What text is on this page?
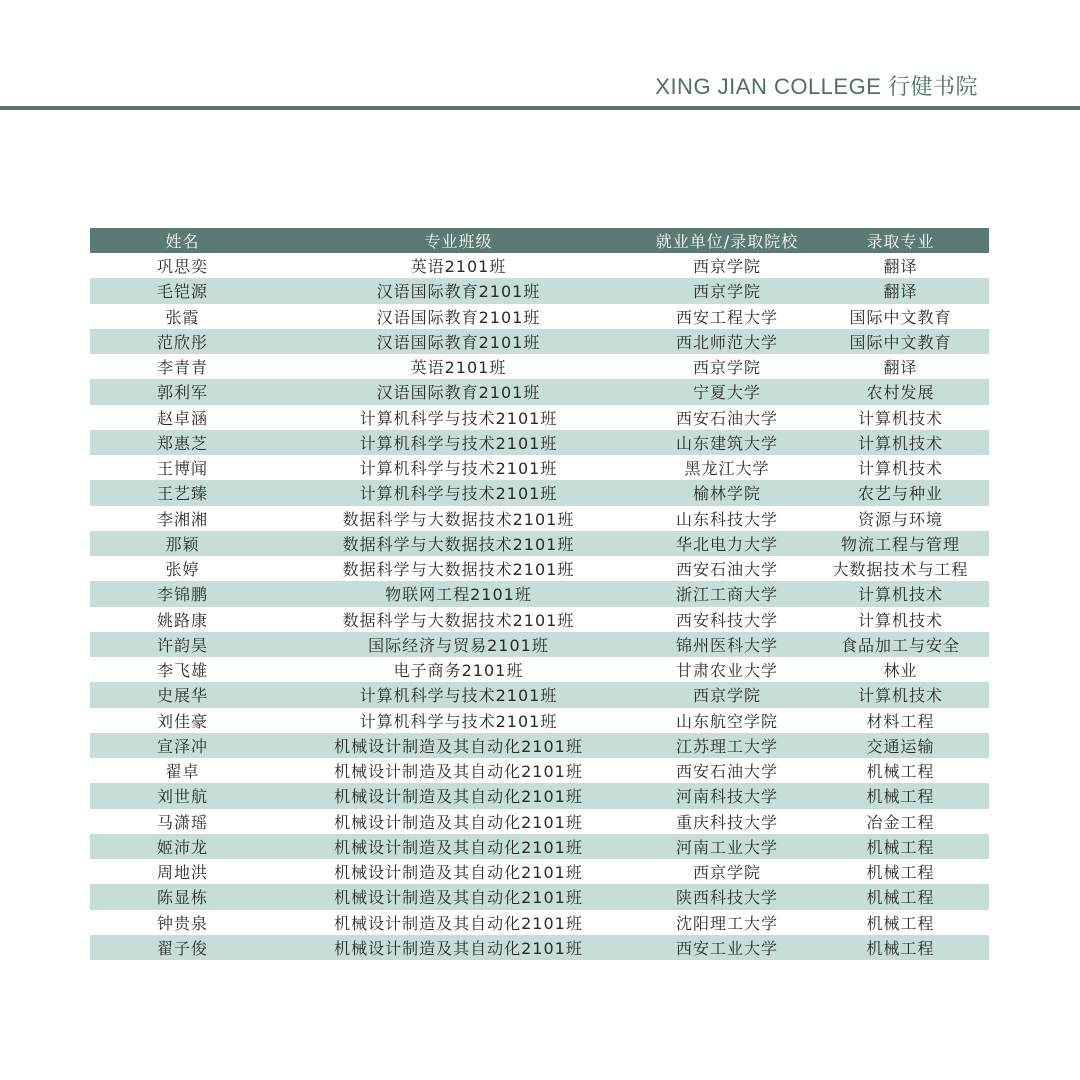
XING JIAN COLLEGE 行健书院
姓名	专业班级	就业单位/录取院校	录取专业
巩思奕	英语2101班	西京学院	翻译
毛铠源	汉语国际教育2101班	西京学院	翻译
张霞	汉语国际教育2101班	西安工程大学	国际中文教育
范欣彤	汉语国际教育2101班	西北师范大学	国际中文教育
李青青	英语2101班	西京学院	翻译
郭利军	汉语国际教育2101班	宁夏大学	农村发展
赵卓涵	计算机科学与技术2101班	西安石油大学	计算机技术
郑惠芝	计算机科学与技术2101班	山东建筑大学	计算机技术
王博闻	计算机科学与技术2101班	黑龙江大学	计算机技术
王艺臻	计算机科学与技术2101班	榆林学院	农艺与种业
李湘湘	数据科学与大数据技术2101班	山东科技大学	资源与环境
那颖	数据科学与大数据技术2101班	华北电力大学	物流工程与管理
张婷	数据科学与大数据技术2101班	西安石油大学	大数据技术与工程
李锦鹏	物联网工程2101班	浙江工商大学	计算机技术
姚路康	数据科学与大数据技术2101班	西安科技大学	计算机技术
许韵昊	国际经济与贸易2101班	锦州医科大学	食品加工与安全
李飞雄	电子商务2101班	甘肃农业大学	林业
史展华	计算机科学与技术2101班	西京学院	计算机技术
刘佳豪	计算机科学与技术2101班	山东航空学院	材料工程
宣泽冲	机械设计制造及其自动化2101班	江苏理工大学	交通运输
翟卓	机械设计制造及其自动化2101班	西安石油大学	机械工程
刘世航	机械设计制造及其自动化2101班	河南科技大学	机械工程
马潇瑶	机械设计制造及其自动化2101班	重庆科技大学	冶金工程
姬沛龙	机械设计制造及其自动化2101班	河南工业大学	机械工程
周地洪	机械设计制造及其自动化2101班	西京学院	机械工程
陈显栋	机械设计制造及其自动化2101班	陕西科技大学	机械工程
钟贵泉	机械设计制造及其自动化2101班	沈阳理工大学	机械工程
翟子俊	机械设计制造及其自动化2101班	西安工业大学	机械工程
